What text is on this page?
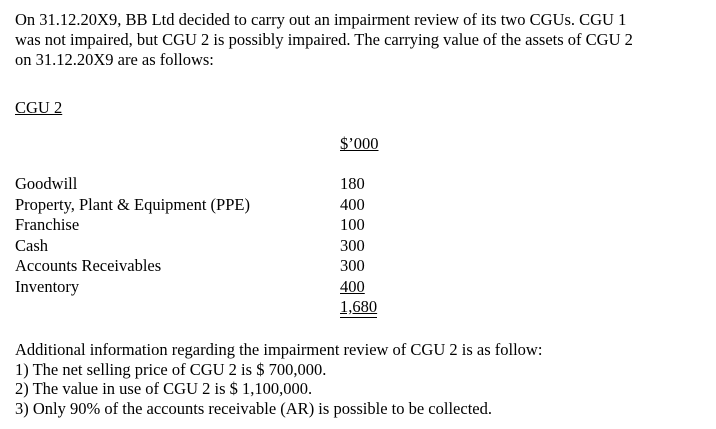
On 31.12.20X9, BB Ltd decided to carry out an impairment review of its two CGUs. CGU 1
was not impaired, but CGU 2 is possibly impaired. The carrying value of the assets of CGU 2
on 31.12.20X9 are as follows:
CGU 2
$’000
Goodwill	180
Property, Plant & Equipment (PPE)	400
Franchise	100
Cash	300
Accounts Receivables	300
Inventory	400
1,680
Additional information regarding the impairment review of CGU 2 is as follow:
1) The net selling price of CGU 2 is $ 700,000.
2) The value in use of CGU 2 is $ 1,100,000.
3) Only 90% of the accounts receivable (AR) is possible to be collected.
